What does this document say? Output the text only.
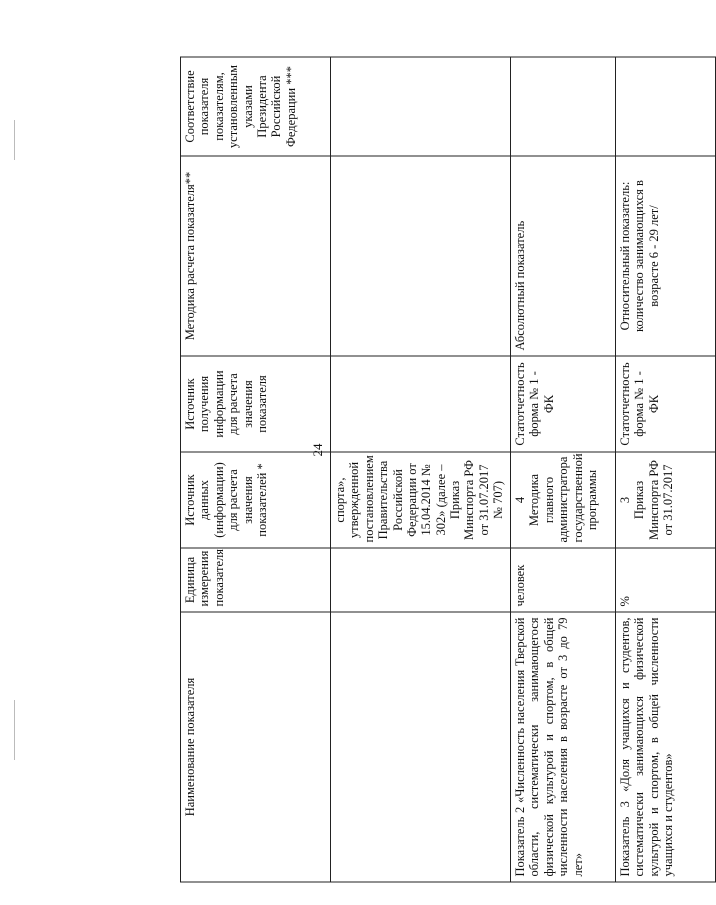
24
Наименование показателя	Единица измерения показателя	Источник данных (информации) для расчета значения показателей *	Источник получения информации для расчета значения показателя	Методика расчета показателя**	Соответствие показателя показателям, установленным указами Президента Российской Федерации ***
		спорта», утвержденной постановлением Правительства Российской Федерации от 15.04.2014 № 302» (далее – Приказ Минспорта РФ от 31.07.2017 № 707)			
Показатель 2 «Численность населения Тверской области, систематически занимающегося физической культурой и спортом, в общей численности населения в возрасте от 3 до 79 лет»	человек	4 Методика главного администратора государственной программы	Статотчетность форма № 1 - ФК	Абсолютный показатель	
Показатель 3 «Доля учащихся и студентов, систематически занимающихся физической культурой и спортом, в общей численности учащихся и студентов»	%	3 Приказ Минспорта РФ от 31.07.2017	Статотчетность форма № 1 - ФК	Относительный показатель: количество занимающихся в возрасте 6 - 29 лет/	
